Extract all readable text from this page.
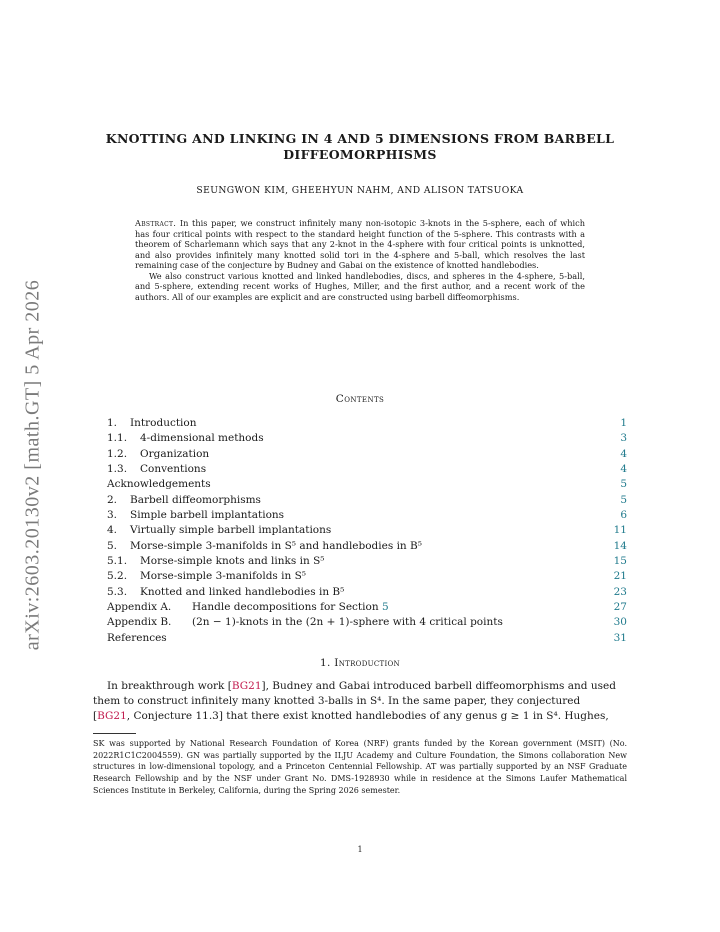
arXiv:2603.20130v2 [math.GT] 5 Apr 2026
KNOTTING AND LINKING IN 4 AND 5 DIMENSIONS FROM BARBELL
DIFFEOMORPHISMS
SEUNGWON KIM, GHEEHYUN NAHM, AND ALISON TATSUOKA

Abstract. In this paper, we construct infinitely many non-isotopic 3-knots in the 5-sphere, each of which has four critical points with respect to the standard height function of the 5-sphere. This contrasts with a theorem of Scharlemann which says that any 2-knot in the 4-sphere with four critical points is unknotted, and also provides infinitely many knotted solid tori in the 4-sphere and 5-ball, which resolves the last remaining case of the conjecture by Budney and Gabai on the existence of knotted handlebodies.

We also construct various knotted and linked handlebodies, discs, and spheres in the 4-sphere, 5-ball, and 5-sphere, extending recent works of Hughes, Miller, and the first author, and a recent work of the authors. All of our examples are explicit and are constructed using barbell diffeomorphisms.

Contents
1. Introduction	1
1.1. 4-dimensional methods	3
1.2. Organization	4
1.3. Conventions	4
Acknowledgements	5
2. Barbell diffeomorphisms	5
3. Simple barbell implantations	6
4. Virtually simple barbell implantations	11
5. Morse-simple 3-manifolds in S⁵ and handlebodies in B⁵	14
5.1. Morse-simple knots and links in S⁵	15
5.2. Morse-simple 3-manifolds in S⁵	21
5.3. Knotted and linked handlebodies in B⁵	23
Appendix A. Handle decompositions for Section 5	27
Appendix B. (2n − 1)-knots in the (2n + 1)-sphere with 4 critical points	30
References	31
1. Introduction
In breakthrough work [BG21], Budney and Gabai introduced barbell diffeomorphisms and used
them to construct infinitely many knotted 3-balls in S⁴. In the same paper, they conjectured
[BG21, Conjecture 11.3] that there exist knotted handlebodies of any genus g ≥ 1 in S⁴. Hughes,
SK was supported by National Research Foundation of Korea (NRF) grants funded by the Korean government (MSIT) (No. 2022R1C1C2004559). GN was partially supported by the ILJU Academy and Culture Foundation, the Simons collaboration New structures in low-dimensional topology, and a Princeton Centennial Fellowship. AT was partially supported by an NSF Graduate Research Fellowship and by the NSF under Grant No. DMS-1928930 while in residence at the Simons Laufer Mathematical Sciences Institute in Berkeley, California, during the Spring 2026 semester.
1
